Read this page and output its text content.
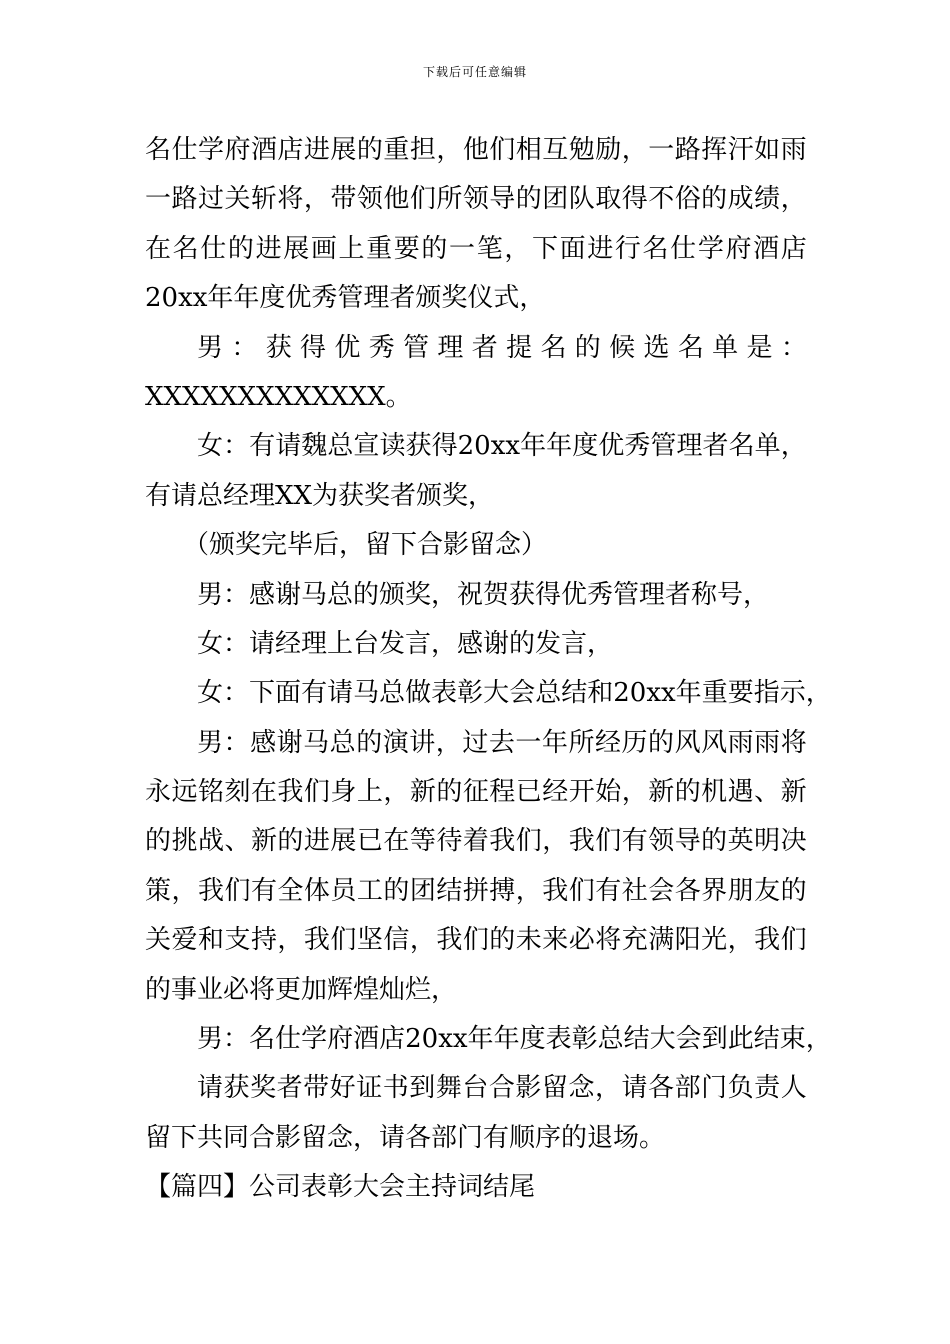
下载后可任意编辑
名 仕 学 府 酒 店 进 展 的 重 担 ， 他 们 相 互 勉 励 ， 一 路 挥 汗 如 雨
一 路 过 关 斩 将 ， 带 领 他 们 所 领 导 的 团 队 取 得 不 俗 的 成 绩 ，
在 名 仕 的 进 展 画 上 重 要 的 一 笔 ， 下 面 进 行 名 仕 学 府 酒 店
20xx年年度优秀管理者颁奖仪式，
男 ： 获 得 优 秀 管 理 者 提 名 的 候 选 名 单 是 ：
XXXXXXXXXXXXX。
女 ： 有 请 魏 总 宣 读 获 得 20xx 年 年 度 优 秀 管 理 者 名 单 ，
有请总经理XX为获奖者颁奖，
（颁奖完毕后，留下合影留念）
男：感谢马总的颁奖，祝贺获得优秀管理者称号，
女：请经理上台发言，感谢的发言，
女 ： 下 面 有 请 马 总 做 表 彰 大 会 总 结 和 20xx 年 重 要 指 示 ，
男 ： 感 谢 马 总 的 演 讲 ， 过 去 一 年 所 经 历 的 风 风 雨 雨 将
永 远 铭 刻 在 我 们 身 上 ， 新 的 征 程 已 经 开 始 ， 新 的 机 遇 、 新
的 挑 战 、 新 的 进 展 已 在 等 待 着 我 们 ， 我 们 有 领 导 的 英 明 决
策 ， 我 们 有 全 体 员 工 的 团 结 拼 搏 ， 我 们 有 社 会 各 界 朋 友 的
关 爱 和 支 持 ， 我 们 坚 信 ， 我 们 的 未 来 必 将 充 满 阳 光 ， 我 们
的事业必将更加辉煌灿烂，
男 ： 名 仕 学 府 酒 店 20xx 年 年 度 表 彰 总 结 大 会 到 此 结 束 ，
请 获 奖 者 带 好 证 书 到 舞 台 合 影 留 念 ， 请 各 部 门 负 责 人
留下共同合影留念，请各部门有顺序的退场。
【篇四】公司表彰大会主持词结尾
